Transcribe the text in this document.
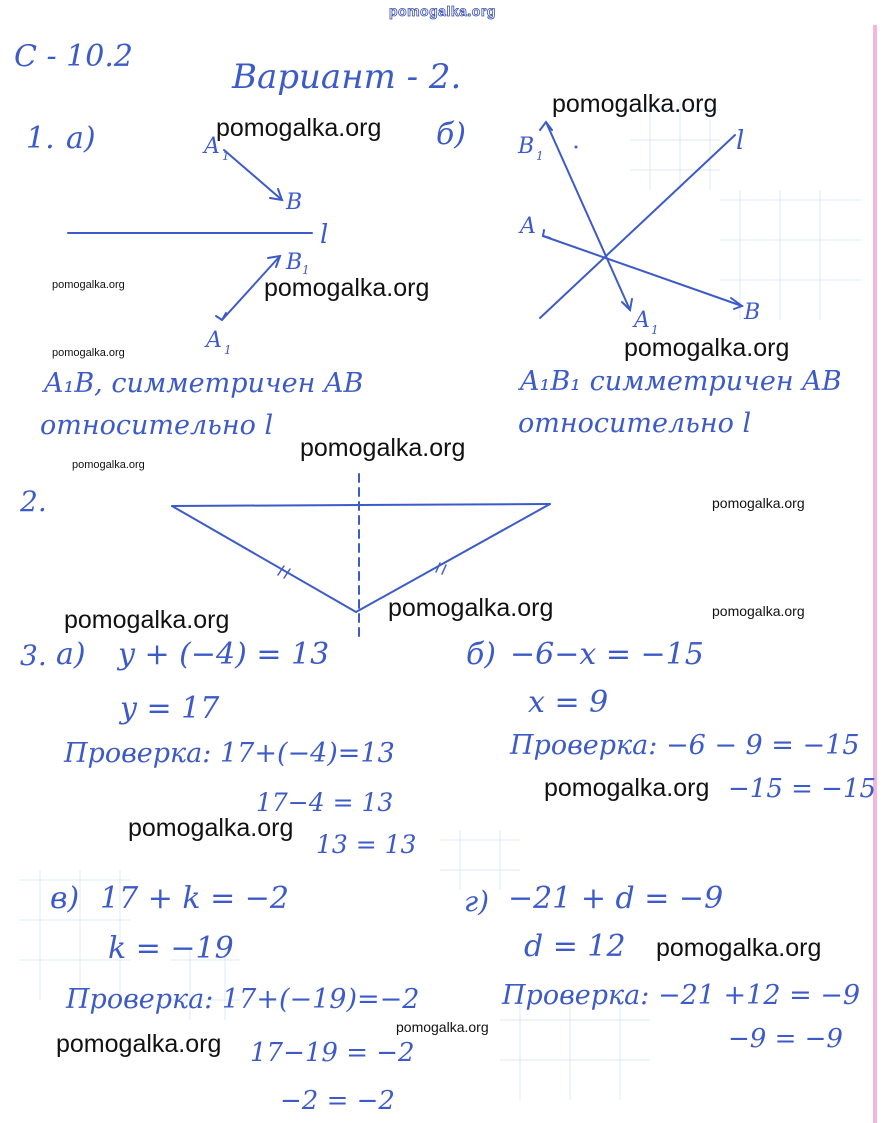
pomogalka.org
С - 10.2
Вариант - 2.
1. а)	б)
A 1
B
l
B 1
A 1
B 1	l
A
A 1
B
A₁B, симметричен AB
относительно l
A₁B₁ симметричен AB
относительно l
2.
3. а) y + (−4) = 13
y = 17
Проверка: 17+(−4)=13
17−4 = 13
13 = 13
б) −6−x = −15
x = 9
Проверка: −6 − 9 = −15
−15 = −15
в) 17 + k = −2
k = −19
Проверка: 17+(−19)=−2
17−19 = −2
−2 = −2
г) −21 + d = −9
d = 12
Проверка: −21 +12 = −9
−9 = −9
pomogalka.org
pomogalka.org
pomogalka.org	pomogalka.org
pomogalka.org
pomogalka.org
pomogalka.org
pomogalka.org
pomogalka.org
pomogalka.org	pomogalka.org
pomogalka.org
pomogalka.org
pomogalka.org
pomogalka.org
pomogalka.org
pomogalka.org
